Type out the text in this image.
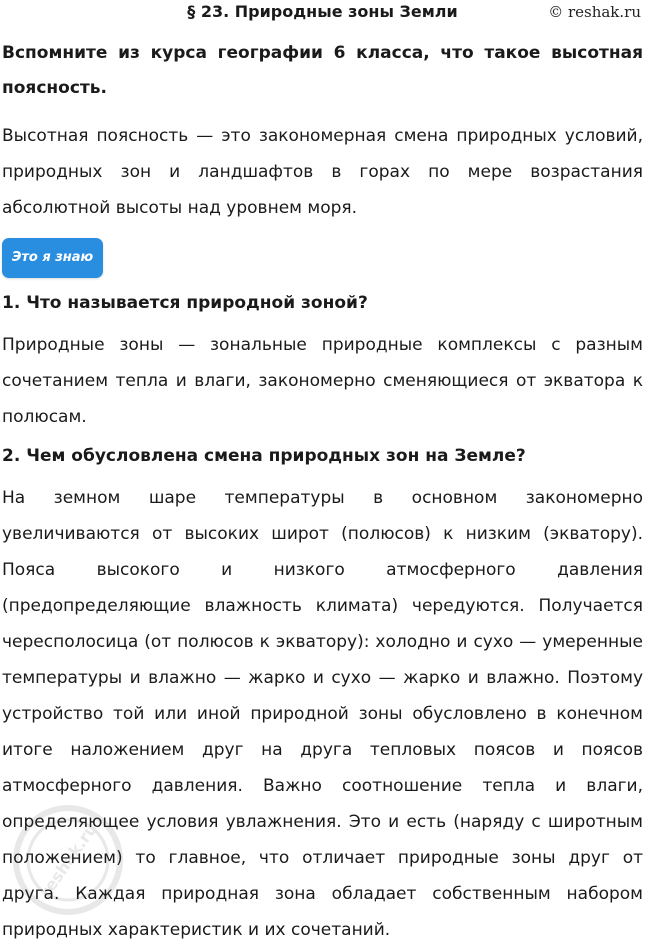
§ 23. Природные зоны Земли	© reshak.ru

Вспомните из курса географии 6 класса, что такое высотная поясность.

Высотная поясность — это закономерная смена природных условий, природных зон и ландшафтов в горах по мере возрастания абсолютной высоты над уровнем моря.

Это я знаю

1. Что называется природной зоной?

Природные зоны — зональные природные комплексы с разным сочетанием тепла и влаги, закономерно сменяющиеся от экватора к полюсам.

2. Чем обусловлена смена природных зон на Земле?

На земном шаре температуры в основном закономерно увеличиваются от высоких широт (полюсов) к низким (экватору). Пояса высокого и низкого атмосферного давления (предопределяющие влажность климата) чередуются. Получается чересполосица (от полюсов к экватору): холодно и сухо — умеренные температуры и влажно — жарко и сухо — жарко и влажно. Поэтому устройство той или иной природной зоны обусловлено в конечном итоге наложением друг на друга тепловых поясов и поясов атмосферного давления. Важно соотношение тепла и влаги, определяющее условия увлажнения. Это и есть (наряду с широтным положением) то главное, что отличает природные зоны друг от друга. Каждая природная зона обладает собственным набором природных характеристик и их сочетаний.

reshak.ru
